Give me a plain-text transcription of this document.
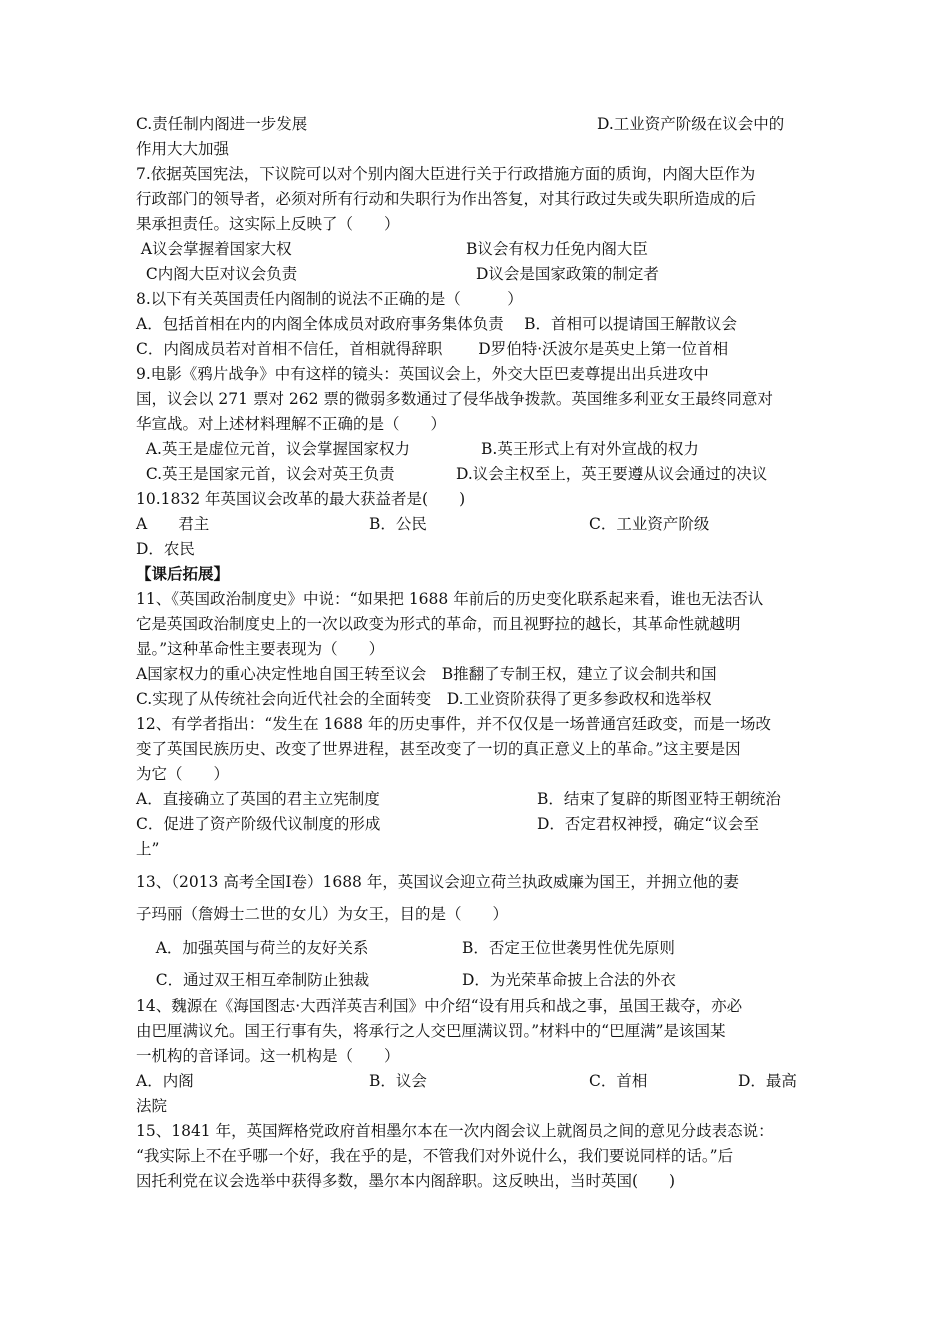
C.责任制内阁进一步发展	D.工业资产阶级在议会中的
作用大大加强
7.依据英国宪法，下议院可以对个别内阁大臣进行关于行政措施方面的质询，内阁大臣作为
行政部门的领导者，必须对所有行动和失职行为作出答复，对其行政过失或失职所造成的后
果承担责任。这实际上反映了（　　）
A议会掌握着国家大权	B议会有权力任免内阁大臣
C内阁大臣对议会负责	D议会是国家政策的制定者
8.以下有关英国责任内阁制的说法不正确的是（　　　）
A．包括首相在内的内阁全体成员对政府事务集体负责　 B．首相可以提请国王解散议会
C．内阁成员若对首相不信任，首相就得辞职　　 D罗伯特·沃波尔是英史上第一位首相
9.电影《鸦片战争》中有这样的镜头：英国议会上，外交大臣巴麦尊提出出兵进攻中
国，议会以 271 票对 262 票的微弱多数通过了侵华战争拨款。英国维多利亚女王最终同意对
华宣战。对上述材料理解不正确的是（　　）
A.英王是虚位元首，议会掌握国家权力	B.英王形式上有对外宣战的权力
C.英王是国家元首，议会对英王负责	D.议会主权至上，英王要遵从议会通过的决议
10.1832 年英国议会改革的最大获益者是(　　)
A　　君主	B．公民	C．工业资产阶级
D．农民
【课后拓展】
11、《英国政治制度史》中说：“如果把 1688 年前后的历史变化联系起来看，谁也无法否认
它是英国政治制度史上的一次以政变为形式的革命，而且视野拉的越长，其革命性就越明
显。”这种革命性主要表现为（　　）
A国家权力的重心决定性地自国王转至议会　B推翻了专制王权，建立了议会制共和国
C.实现了从传统社会向近代社会的全面转变　D.工业资阶获得了更多参政权和选举权
12、有学者指出：“发生在 1688 年的历史事件，并不仅仅是一场普通宫廷政变，而是一场改
变了英国民族历史、改变了世界进程，甚至改变了一切的真正意义上的革命。”这主要是因
为它（　　）
A．直接确立了英国的君主立宪制度	B．结束了复辟的斯图亚特王朝统治
C．促进了资产阶级代议制度的形成	D．否定君权神授，确定“议会至
上”
13、（2013 高考全国Ⅰ卷）1688 年，英国议会迎立荷兰执政威廉为国王，并拥立他的妻
子玛丽（詹姆士二世的女儿）为女王，目的是（　　）
A．加强英国与荷兰的友好关系	B．否定王位世袭男性优先原则
C．通过双王相互牵制防止独裁	D．为光荣革命披上合法的外衣
14、魏源在《海国图志·大西洋英吉利国》中介绍“设有用兵和战之事，虽国王裁夺，亦必
由巴厘满议允。国王行事有失，将承行之人交巴厘满议罚。”材料中的“巴厘满”是该国某
一机构的音译词。这一机构是（　　）
A．内阁	B．议会	C．首相	D．最高
法院
15、1841 年，英国辉格党政府首相墨尔本在一次内阁会议上就阁员之间的意见分歧表态说：
“我实际上不在乎哪一个好，我在乎的是，不管我们对外说什么，我们要说同样的话。”后
因托利党在议会选举中获得多数，墨尔本内阁辞职。这反映出，当时英国(　　)
